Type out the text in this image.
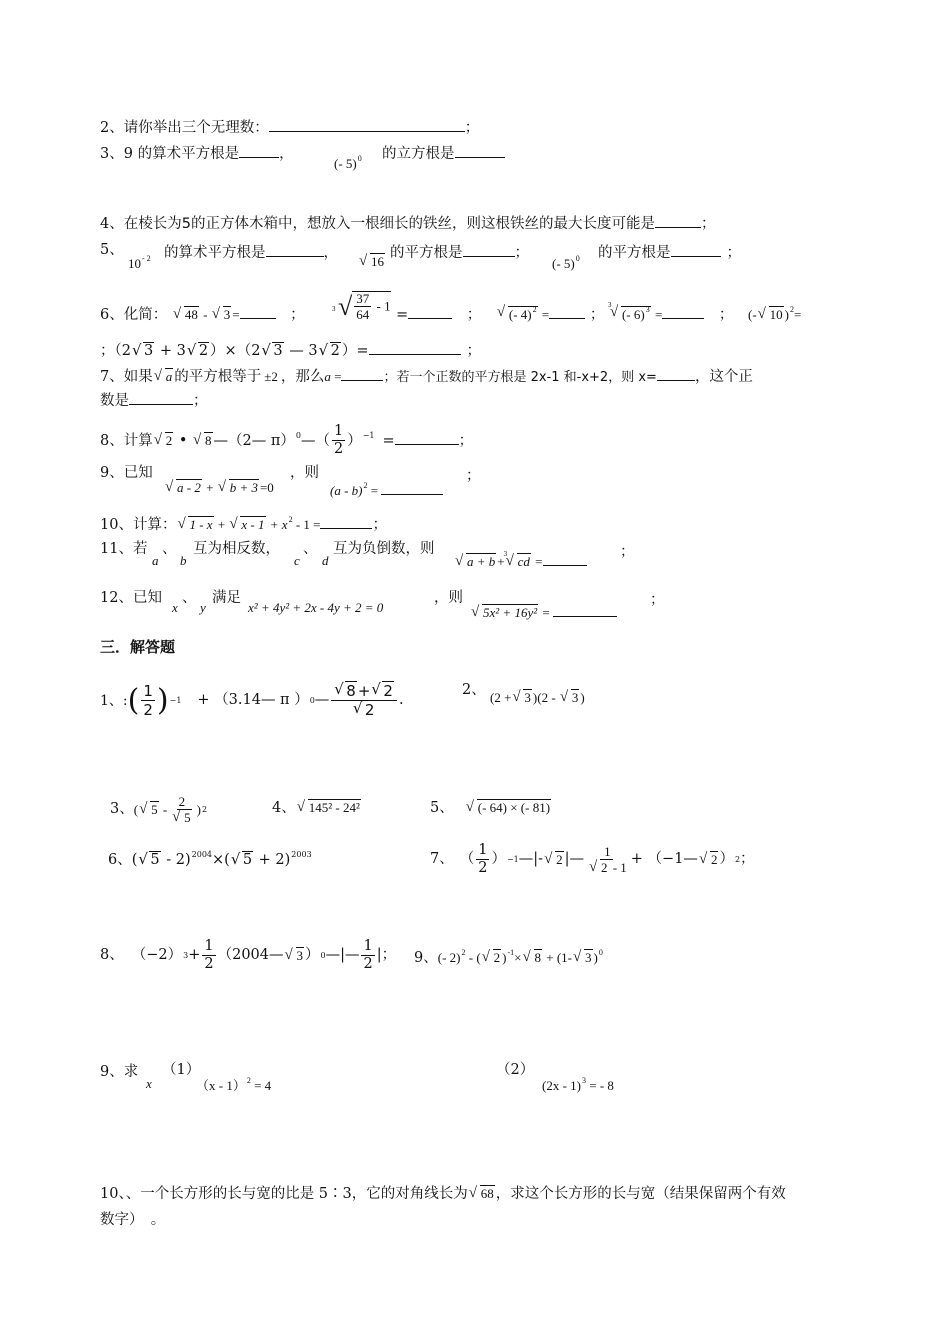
2、请你举出三个无理数：	；
3、9 的算术平方根是	，
(- 5)$^0$ 的立方根是
4、在棱长为5的正方体木箱中，想放入一根细长的铁丝，则这根铁丝的最大长度可能是	；
5、
$10^{- 2}$ 的算术平方根是	，
√ 16
的平方根是	；
(- 5)$^0$ 的平方根是	；
6、化简： √ 48 - √ 3 =	；	3 √ $\frac{37}{64} - 1$
=	； √ (- 4)$^2$ =	；
√ 3
(- 6)$^3$ =	； (- √ 10 )$^2$=
；（2 √ 3 + 3 √ 2 ）×（2 √ 3 — 3 √ 2 ）=	；
7、如果 √ a 的平方根等于 ±2 ，那么a =	；若一个正数的平方根是 2x-1 和-x+2，则 x=	，这个正
数是	；
8、计算 √ 2 • √ 8 —（2— π）$^0$—（ $\frac{1}{2} )^{-1}$ =	；
9、已知
√ a - 2 + √ b + 3 =0
，则
(a - b)$^2$ =
；
10、计算： √ 1 - x + √ $x - 1 + x^2 - 1$ =	；
11、若
a
、
b
互为相反数，
c
、
d
互为负倒数，则
√ a + b + √ 3 cd =
；
12、已知
x
、
y
满足
x² + 4y² + 2x - 4y + 2 = 0
，则
√ 5x² + 16y² =
；
三．解答题
1、: ( $\frac{1}{2}$ ) −1 + （3.14— π ） 0 — √ 8 + √ 2
√ 2 .
2、 (2 + √ 3 )(2 - √ 3 )
3、 ( √ 5 - 2
√ 5 ) 2	4、 √ 145² - 24²	5、 √ (- 64) × (- 81)
6、( √ 5 - 2)$^{2004}$×( √ 5 + 2)$^{2003}$	7、 （ $\frac{1}{2}$ ） −1 —|-	√ 2 |— 1
√ 2 - 1 + （−1—	√ 2 ） 2 ；
8、 （−2） $3 + \frac{1}{2}$ （2004—	√ 3 ） 0 —|— $\frac{1}{2}$ |； 9、(- 2)$^2$ - ( √ 2 )$^{-1}$× √ 8 + (1- √ 3 )$^0$
9、求
x
（1）
（x - 1）$^2$ = 4
（2）
(2x - 1)$^3$ = - 8
10、、一个长方形的长与宽的比是 5∶3，它的对角线长为 √ 68 ，求这个长方形的长与宽（结果保留两个有效
数字）　。
